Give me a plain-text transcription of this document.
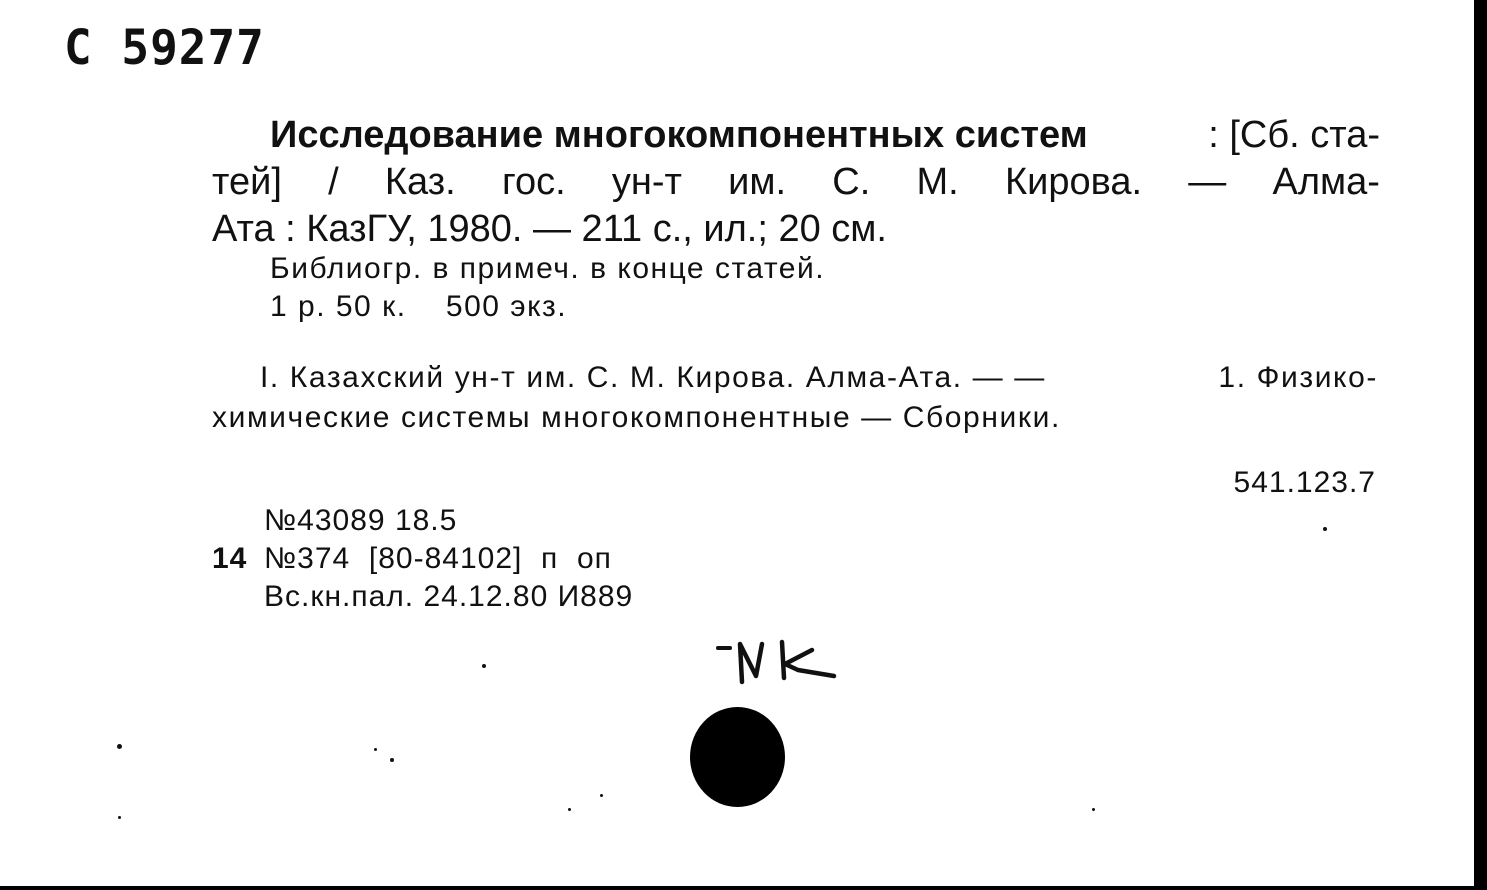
С 59277
Исследование многокомпонентных систем	: [Сб. ста-
тей] / Каз. гос. ун-т им. С. М. Кирова. — Алма-
Ата : КазГУ, 1980. — 211 с., ил.; 20 см.
Библиогр. в примеч. в конце статей.
1 р. 50 к.    500 экз.
I. Казахский ун-т им. С. М. Кирова. Алма-Ата. — —	1. Физико-
химические системы многокомпонентные — Сборники.
541.123.7
№43089 18.5
14 №374  [80-84102]  п  оп
Вс.кн.пал. 24.12.80 И889
